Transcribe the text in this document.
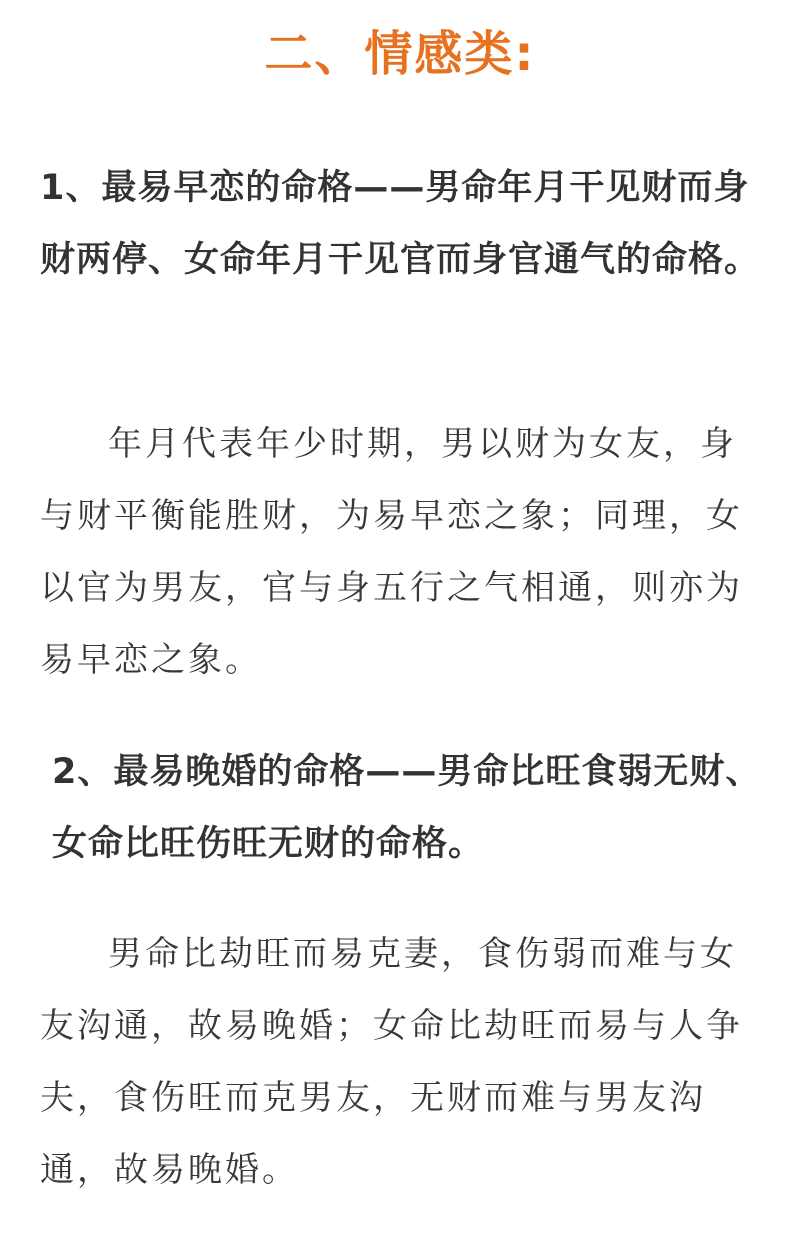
二、情感类:

1、最易早恋的命格——男命年月干见财而身财两停、女命年月干见官而身官通气的命格。

年月代表年少时期，男以财为女友，身与财平衡能胜财，为易早恋之象；同理，女以官为男友，官与身五行之气相通，则亦为易早恋之象。

2、最易晚婚的命格——男命比旺食弱无财、女命比旺伤旺无财的命格。

男命比劫旺而易克妻，食伤弱而难与女友沟通，故易晚婚；女命比劫旺而易与人争夫，食伤旺而克男友，无财而难与男友沟通，故易晚婚。
